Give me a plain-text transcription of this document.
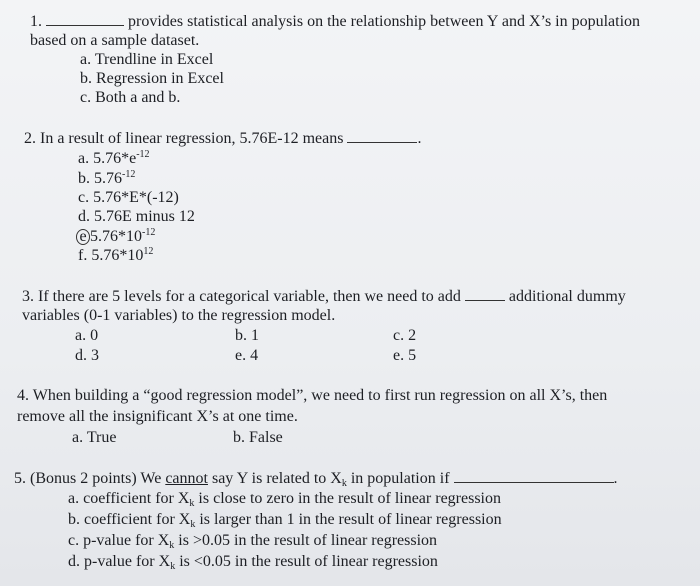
1.	provides statistical analysis on the relationship between Y and X’s in population
based on a sample dataset.
a. Trendline in Excel
b. Regression in Excel
c. Both a and b.
2. In a result of linear regression, 5.76E-12 means	.
a. $5.76*e^{-12}$
b. $5.76^{-12}$
c. 5.76*E*(-12)
d. 5.76E minus 12
e $5.76*10^{-12}$
f. $5.76*10^{12}$
3. If there are 5 levels for a categorical variable, then we need to add	additional dummy
variables (0-1 variables) to the regression model.
a. 0	b. 1	c. 2
d. 3	e. 4	e. 5
4. When building a “good regression model”, we need to first run regression on all X’s, then
remove all the insignificant X’s at one time.
a. True	b. False
5. (Bonus 2 points) We cannot say Y is related to $X_k$ in population if	.
a. coefficient for $X_k$ is close to zero in the result of linear regression
b. coefficient for $X_k$ is larger than 1 in the result of linear regression
c. p-value for $X_k$ is >0.05 in the result of linear regression
d. p-value for $X_k$ is <0.05 in the result of linear regression
